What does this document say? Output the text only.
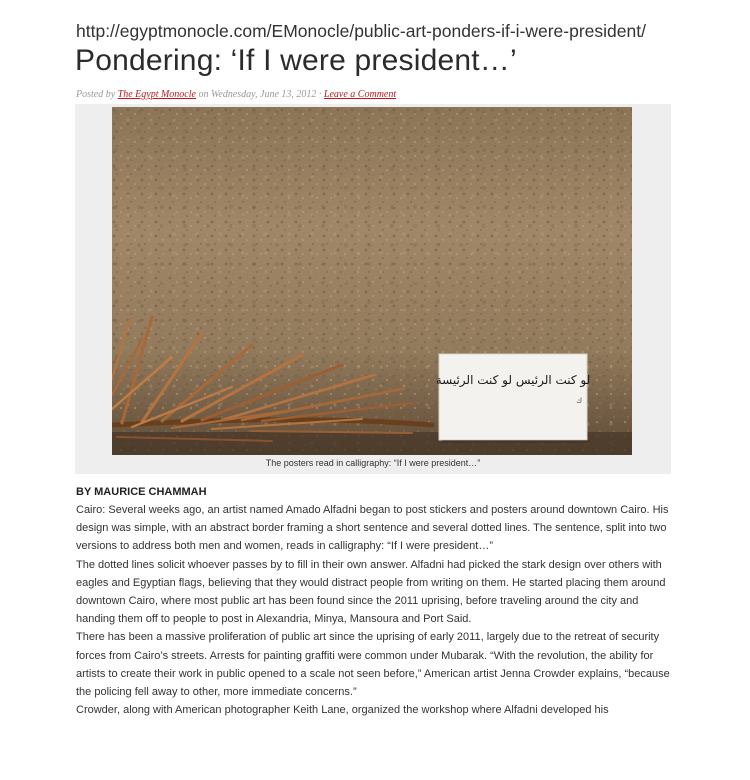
http://egyptmonocle.com/EMonocle/public-art-ponders-if-i-were-president/
Pondering: ‘If I were president…’
Posted by The Egypt Monocle on Wednesday, June 13, 2012 · Leave a Comment
لو كنت الرئيس لو كنت الرئيسة
ﻙ
The posters read in calligraphy: “If I were president…”
BY MAURICE CHAMMAH

Cairo: Several weeks ago, an artist named Amado Alfadni began to post stickers and posters around downtown Cairo. His design was simple, with an abstract border framing a short sentence and several dotted lines. The sentence, split into two versions to address both men and women, reads in calligraphy: “If I were president…”

The dotted lines solicit whoever passes by to fill in their own answer. Alfadni had picked the stark design over others with eagles and Egyptian flags, believing that they would distract people from writing on them. He started placing them around downtown Cairo, where most public art has been found since the 2011 uprising, before traveling around the city and handing them off to people to post in Alexandria, Minya, Mansoura and Port Said.

There has been a massive proliferation of public art since the uprising of early 2011, largely due to the retreat of security forces from Cairo’s streets. Arrests for painting graffiti were common under Mubarak. “With the revolution, the ability for artists to create their work in public opened to a scale not seen before,” American artist Jenna Crowder explains, “because the policing fell away to other, more immediate concerns.”

Crowder, along with American photographer Keith Lane, organized the workshop where Alfadni developed his
